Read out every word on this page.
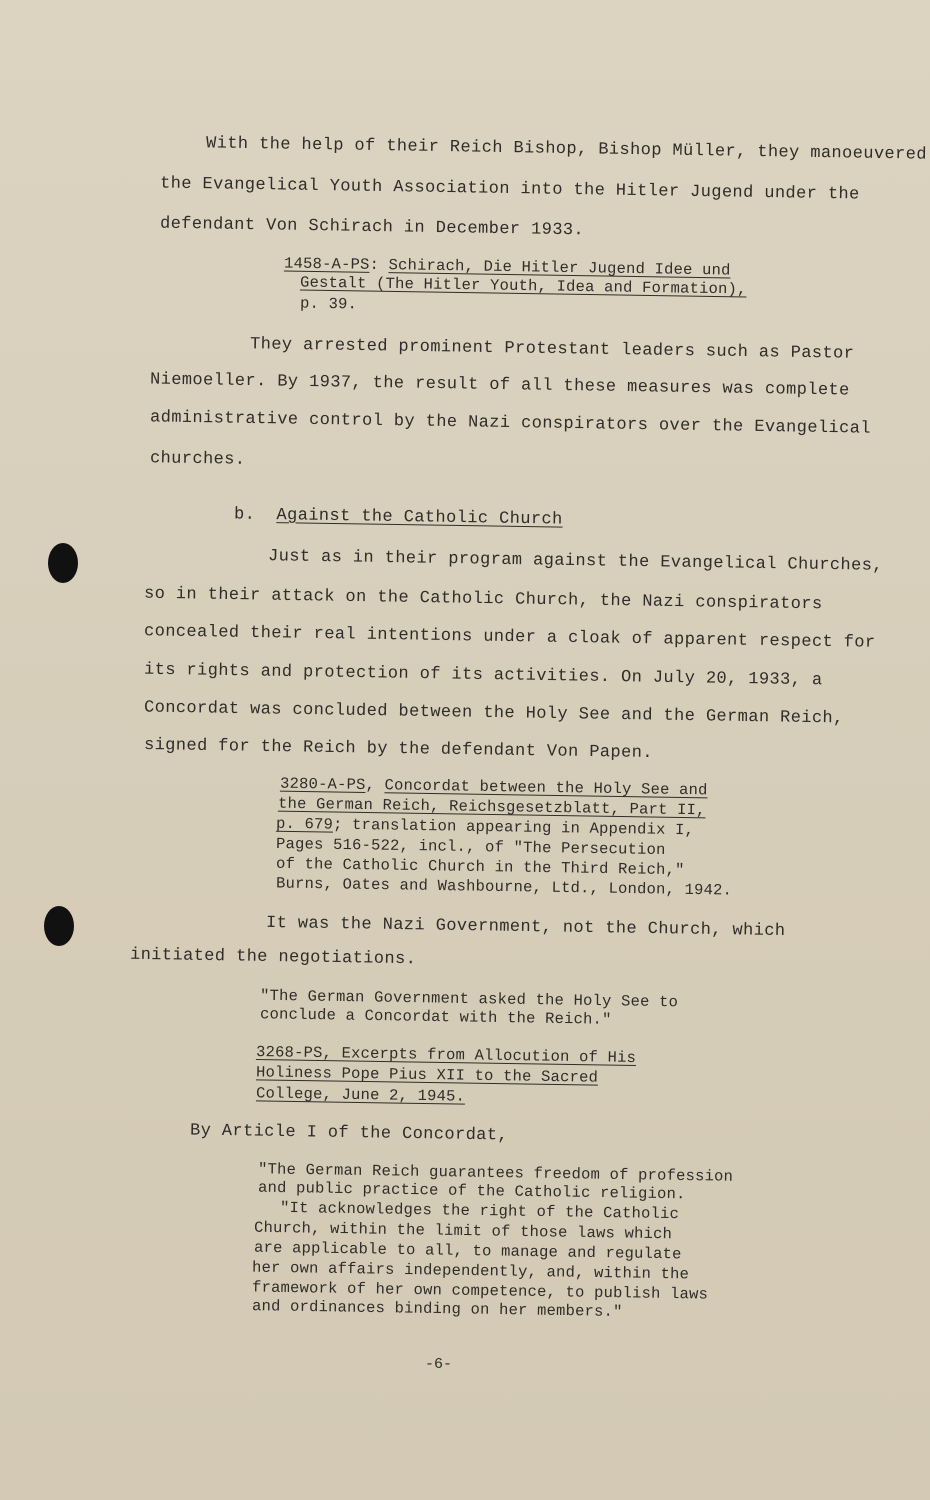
With the help of their Reich Bishop, Bishop Müller, they manoeuvered
the Evangelical Youth Association into the Hitler Jugend under the
defendant Von Schirach in December 1933.
1458-A-PS: Schirach, Die Hitler Jugend Idee und
Gestalt (The Hitler Youth, Idea and Formation),
p. 39.
They arrested prominent Protestant leaders such as Pastor
Niemoeller. By 1937, the result of all these measures was complete
administrative control by the Nazi conspirators over the Evangelical
churches.
b. Against the Catholic Church
Just as in their program against the Evangelical Churches,
so in their attack on the Catholic Church, the Nazi conspirators
concealed their real intentions under a cloak of apparent respect for
its rights and protection of its activities. On July 20, 1933, a
Concordat was concluded between the Holy See and the German Reich,
signed for the Reich by the defendant Von Papen.
3280-A-PS, Concordat between the Holy See and
the German Reich, Reichsgesetzblatt, Part II,
p. 679; translation appearing in Appendix I,
Pages 516-522, incl., of "The Persecution
of the Catholic Church in the Third Reich,"
Burns, Oates and Washbourne, Ltd., London, 1942.
It was the Nazi Government, not the Church, which
initiated the negotiations.
"The German Government asked the Holy See to
conclude a Concordat with the Reich."
3268-PS, Excerpts from Allocution of His
Holiness Pope Pius XII to the Sacred
College, June 2, 1945.
By Article I of the Concordat,
"The German Reich guarantees freedom of profession
and public practice of the Catholic religion.
"It acknowledges the right of the Catholic
Church, within the limit of those laws which
are applicable to all, to manage and regulate
her own affairs independently, and, within the
framework of her own competence, to publish laws
and ordinances binding on her members."
-6-
